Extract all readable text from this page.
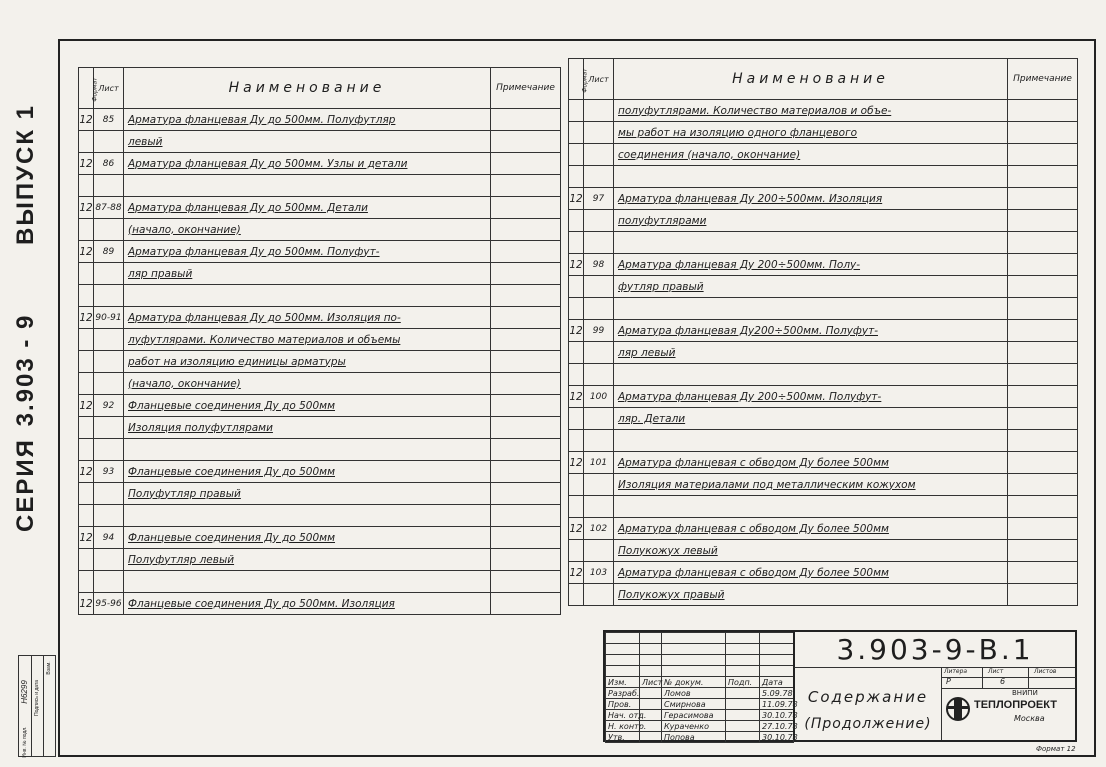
СЕРИЯ
3.903 - 9
ВЫПУСК 1
Инв. № подл.
Подпись и дата
Взам.
H6299
Формат	Лист	Наименование	Примечание
12	85	Арматура фланцевая Ду до 500мм. Полуфутляр	
		левый	
12	86	Арматура фланцевая Ду до 500мм. Узлы и детали	

12	87-88	Арматура фланцевая Ду до 500мм. Детали	
		(начало, окончание)	
12	89	Арматура фланцевая Ду до 500мм. Полуфут-	
		ляр правый	

12	90-91	Арматура фланцевая Ду до 500мм. Изоляция по-	
		луфутлярами. Количество материалов и объемы	
		работ на изоляцию единицы арматуры	
		(начало, окончание)	
12	92	Фланцевые соединения Ду до 500мм	
		Изоляция полуфутлярами	

12	93	Фланцевые соединения Ду до 500мм	
		Полуфутляр правый	

12	94	Фланцевые соединения Ду до 500мм	
		Полуфутляр левый	

12	95-96	Фланцевые соединения Ду до 500мм. Изоляция	
Формат	Лист	Наименование	Примечание
		полуфутлярами. Количество материалов и объе-	
		мы работ на изоляцию одного фланцевого	
		соединения (начало, окончание)	

12	97	Арматура фланцевая Ду 200÷500мм. Изоляция	
		полуфутлярами	

12	98	Арматура фланцевая Ду 200÷500мм. Полу-	
		футляр правый	

12	99	Арматура фланцевая Ду200÷500мм. Полуфут-	
		ляр левый	

12	100	Арматура фланцевая Ду 200÷500мм. Полуфут-	
		ляр. Детали	

12	101	Арматура фланцевая с обводом Ду более 500мм	
		Изоляция материалами под металлическим кожухом	

12	102	Арматура фланцевая с обводом Ду более 500мм	
		Полукожух левый	
12	103	Арматура фланцевая с обводом Ду более 500мм	
		Полукожух правый	

Изм.	Лист	№ докум.	Подп.	Дата
Разраб.		Ломов		5.09.78
Пров.		Смирнова		11.09.78
Нач. отд.		Герасимова		30.10.78
Н. контр.		Кураченко		27.10.78
Утв.		Попова		30.10.78
3.903-9-В.1
Содержание
(Продолжение)
Литера	Лист	Листов
Р	6
ВНИПИ
ТЕПЛОПРОЕКТ
Москва
Формат 12
